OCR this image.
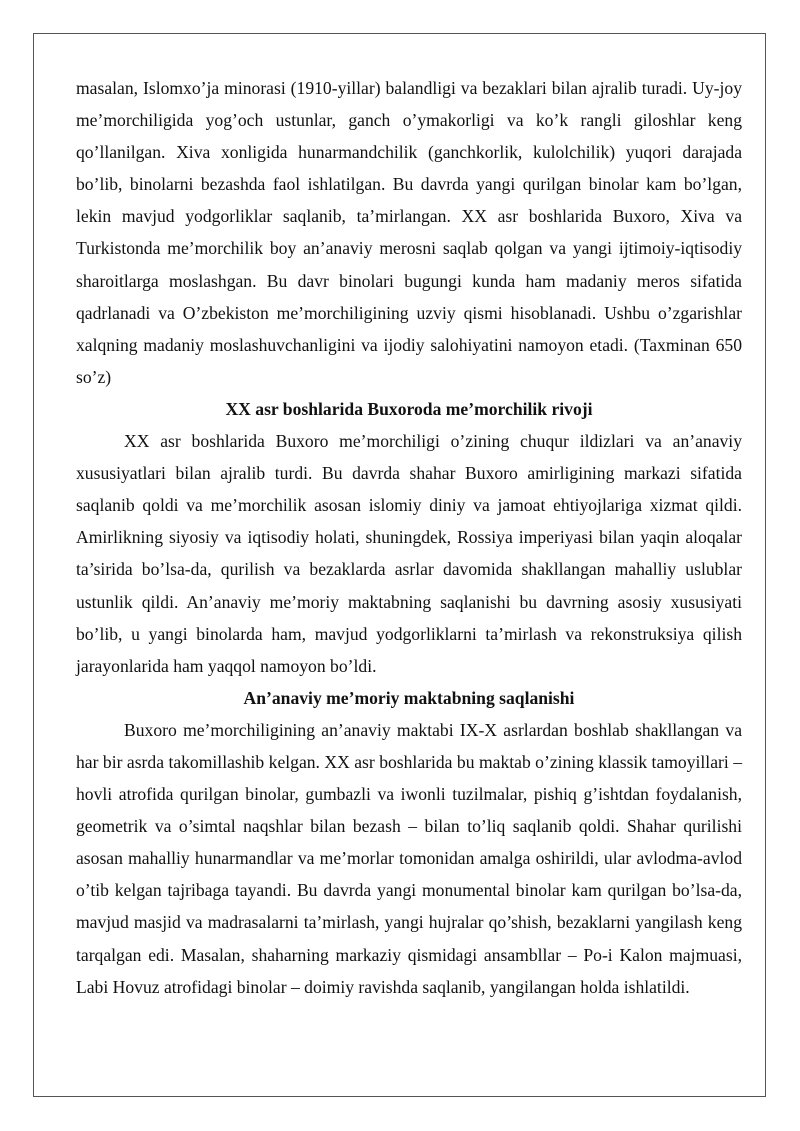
masalan, Islomxo’ja minorasi (1910-yillar) balandligi va bezaklari bilan ajralib turadi. Uy-joy me’morchiligida yog’och ustunlar, ganch o’ymakorligi va ko’k rangli giloshlar keng qo’llanilgan. Xiva xonligida hunarmandchilik (ganchkorlik, kulolchilik) yuqori darajada bo’lib, binolarni bezashda faol ishlatilgan. Bu davrda yangi qurilgan binolar kam bo’lgan, lekin mavjud yodgorliklar saqlanib, ta’mirlangan. XX asr boshlarida Buxoro, Xiva va Turkistonda me’morchilik boy an’anaviy merosni saqlab qolgan va yangi ijtimoiy-iqtisodiy sharoitlarga moslashgan. Bu davr binolari bugungi kunda ham madaniy meros sifatida qadrlanadi va O’zbekiston me’morchiligining uzviy qismi hisoblanadi. Ushbu o’zgarishlar xalqning madaniy moslashuvchanligini va ijodiy salohiyatini namoyon etadi. (Taxminan 650 so’z)

XX asr boshlarida Buxoroda me’morchilik rivoji

XX asr boshlarida Buxoro me’morchiligi o’zining chuqur ildizlari va an’anaviy xususiyatlari bilan ajralib turdi. Bu davrda shahar Buxoro amirligining markazi sifatida saqlanib qoldi va me’morchilik asosan islomiy diniy va jamoat ehtiyojlariga xizmat qildi. Amirlikning siyosiy va iqtisodiy holati, shuningdek, Rossiya imperiyasi bilan yaqin aloqalar ta’sirida bo’lsa-da, qurilish va bezaklarda asrlar davomida shakllangan mahalliy uslublar ustunlik qildi. An’anaviy me’moriy maktabning saqlanishi bu davrning asosiy xususiyati bo’lib, u yangi binolarda ham, mavjud yodgorliklarni ta’mirlash va rekonstruksiya qilish jarayonlarida ham yaqqol namoyon bo’ldi.

An’anaviy me’moriy maktabning saqlanishi

Buxoro me’morchiligining an’anaviy maktabi IX-X asrlardan boshlab shakllangan va har bir asrda takomillashib kelgan. XX asr boshlarida bu maktab o’zining klassik tamoyillari – hovli atrofida qurilgan binolar, gumbazli va iwonli tuzilmalar, pishiq g’ishtdan foydalanish, geometrik va o’simtal naqshlar bilan bezash – bilan to’liq saqlanib qoldi. Shahar qurilishi asosan mahalliy hunarmandlar va me’morlar tomonidan amalga oshirildi, ular avlodma-avlod o’tib kelgan tajribaga tayandi. Bu davrda yangi monumental binolar kam qurilgan bo’lsa-da, mavjud masjid va madrasalarni ta’mirlash, yangi hujralar qo’shish, bezaklarni yangilash keng tarqalgan edi. Masalan, shaharning markaziy qismidagi ansambllar – Po-i Kalon majmuasi, Labi Hovuz atrofidagi binolar – doimiy ravishda saqlanib, yangilangan holda ishlatildi.
